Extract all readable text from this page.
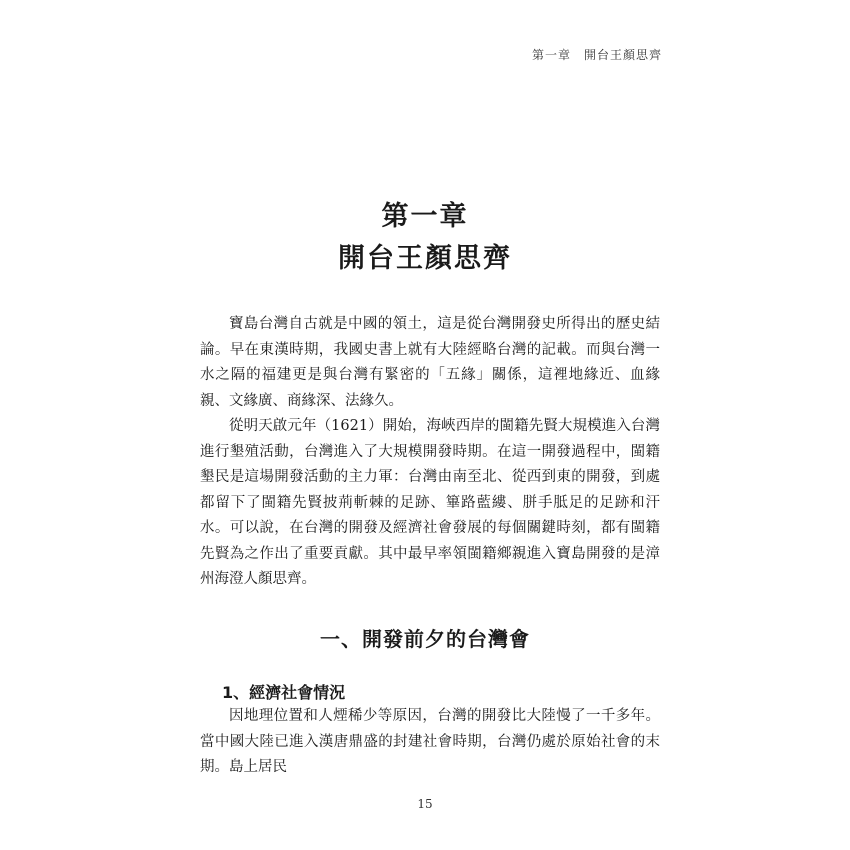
第一章　開台王顏思齊
第一章
開台王顏思齊

寶島台灣自古就是中國的領土，這是從台灣開發史所得出的歷史結論。早在東漢時期，我國史書上就有大陸經略台灣的記載。而與台灣一水之隔的福建更是與台灣有緊密的「五緣」關係，這裡地緣近、血緣親、文緣廣、商緣深、法緣久。

從明天啟元年（1621）開始，海峽西岸的閩籍先賢大規模進入台灣進行墾殖活動，台灣進入了大規模開發時期。在這一開發過程中，閩籍墾民是這場開發活動的主力軍：台灣由南至北、從西到東的開發，到處都留下了閩籍先賢披荊斬棘的足跡、篳路藍縷、胼手胝足的足跡和汗水。可以說，在台灣的開發及經濟社會發展的每個關鍵時刻，都有閩籍先賢為之作出了重要貢獻。其中最早率領閩籍鄉親進入寶島開發的是漳州海澄人顏思齊。

一、開發前夕的台灣會
1、經濟社會情況

因地理位置和人煙稀少等原因，台灣的開發比大陸慢了一千多年。當中國大陸已進入漢唐鼎盛的封建社會時期，台灣仍處於原始社會的末期。島上居民

15
